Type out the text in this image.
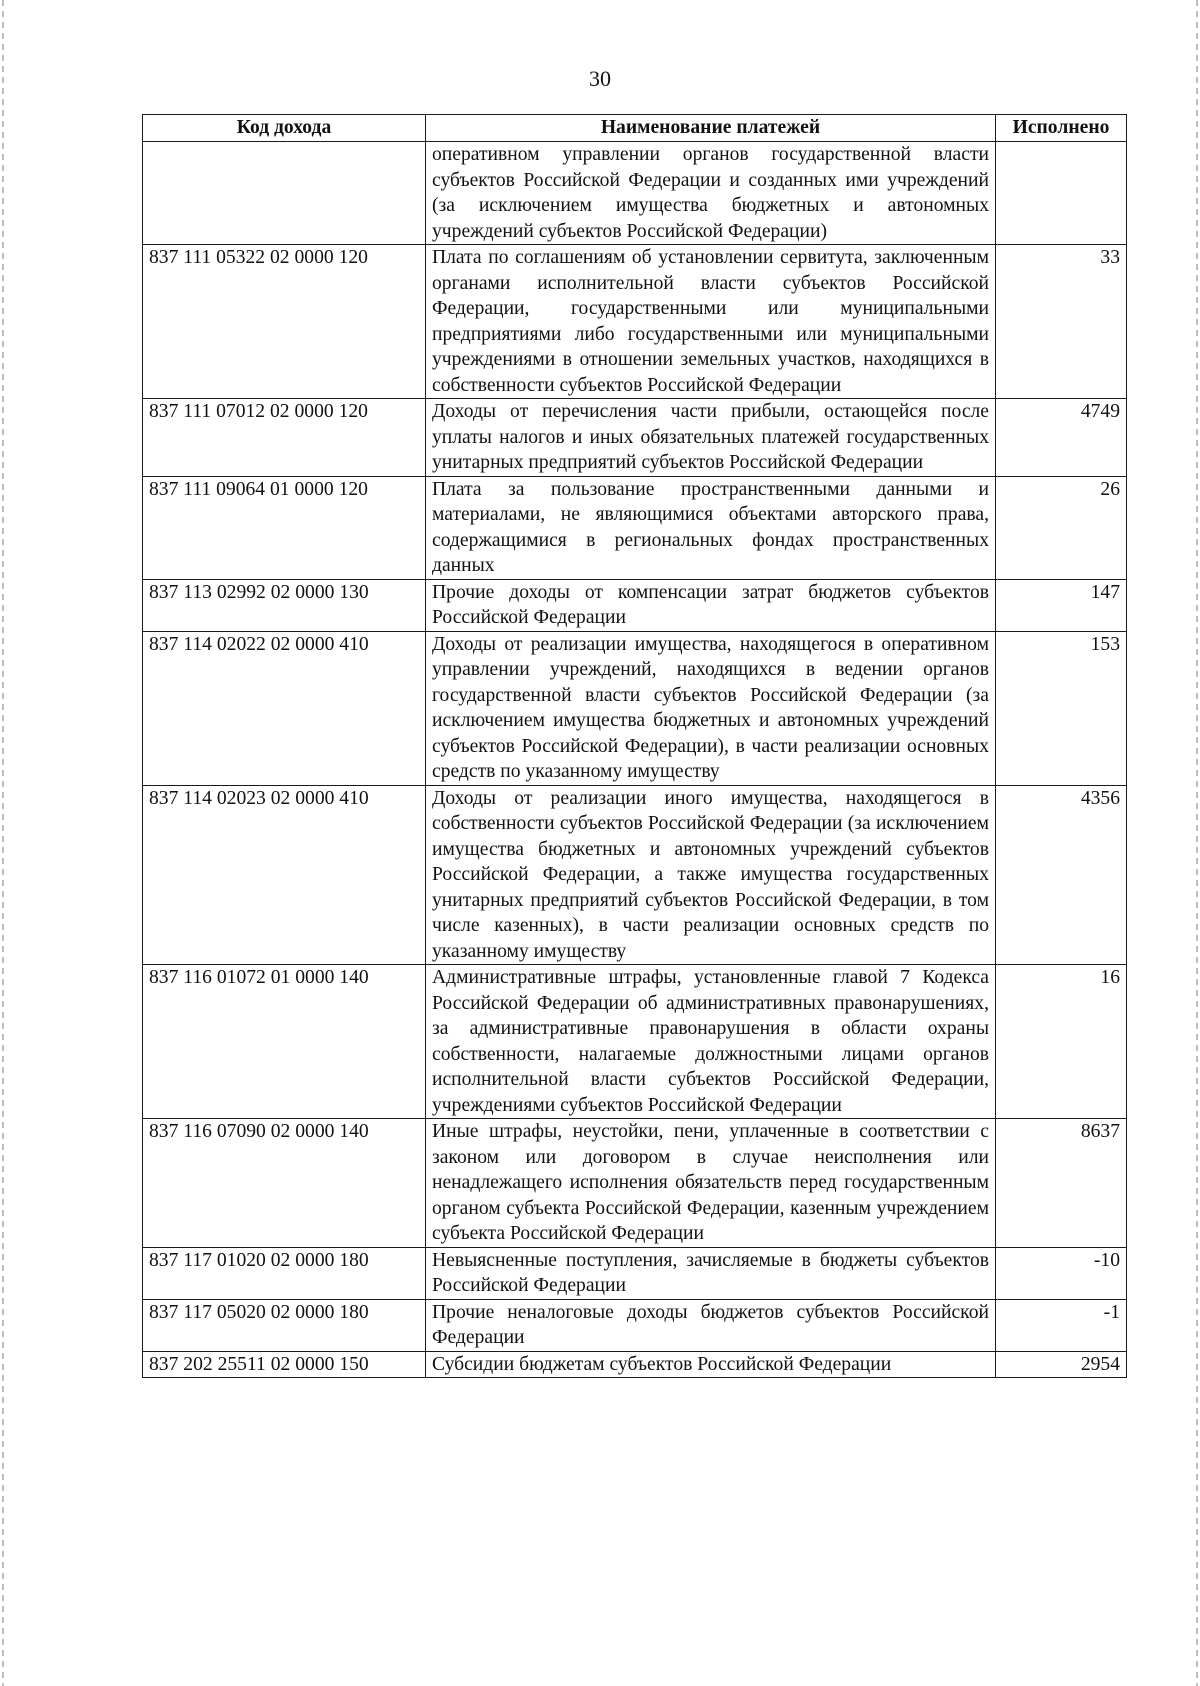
30
Код дохода	Наименование платежей	Исполнено
	оперативном управлении органов государственной власти субъектов Российской Федерации и созданных ими учреждений (за исключением имущества бюджетных и автономных учреждений субъектов Российской Федерации)	
837 111 05322 02 0000 120	Плата по соглашениям об установлении сервитута, заключенным органами исполнительной власти субъектов Российской Федерации, государственными или муниципальными предприятиями либо государственными или муниципальными учреждениями в отношении земельных участков, находящихся в собственности субъектов Российской Федерации	33
837 111 07012 02 0000 120	Доходы от перечисления части прибыли, остающейся после уплаты налогов и иных обязательных платежей государственных унитарных предприятий субъектов Российской Федерации	4749
837 111 09064 01 0000 120	Плата за пользование пространственными данными и материалами, не являющимися объектами авторского права, содержащимися в региональных фондах пространственных данных	26
837 113 02992 02 0000 130	Прочие доходы от компенсации затрат бюджетов субъектов Российской Федерации	147
837 114 02022 02 0000 410	Доходы от реализации имущества, находящегося в оперативном управлении учреждений, находящихся в ведении органов государственной власти субъектов Российской Федерации (за исключением имущества бюджетных и автономных учреждений субъектов Российской Федерации), в части реализации основных средств по указанному имуществу	153
837 114 02023 02 0000 410	Доходы от реализации иного имущества, находящегося в собственности субъектов Российской Федерации (за исключением имущества бюджетных и автономных учреждений субъектов Российской Федерации, а также имущества государственных унитарных предприятий субъектов Российской Федерации, в том числе казенных), в части реализации основных средств по указанному имуществу	4356
837 116 01072 01 0000 140	Административные штрафы, установленные главой 7 Кодекса Российской Федерации об административных правонарушениях, за административные правонарушения в области охраны собственности, налагаемые должностными лицами органов исполнительной власти субъектов Российской Федерации, учреждениями субъектов Российской Федерации	16
837 116 07090 02 0000 140	Иные штрафы, неустойки, пени, уплаченные в соответствии с законом или договором в случае неисполнения или ненадлежащего исполнения обязательств перед государственным органом субъекта Российской Федерации, казенным учреждением субъекта Российской Федерации	8637
837 117 01020 02 0000 180	Невыясненные поступления, зачисляемые в бюджеты субъектов Российской Федерации	-10
837 117 05020 02 0000 180	Прочие неналоговые доходы бюджетов субъектов Российской Федерации	-1
837 202 25511 02 0000 150	Субсидии бюджетам субъектов Российской Федерации	2954
